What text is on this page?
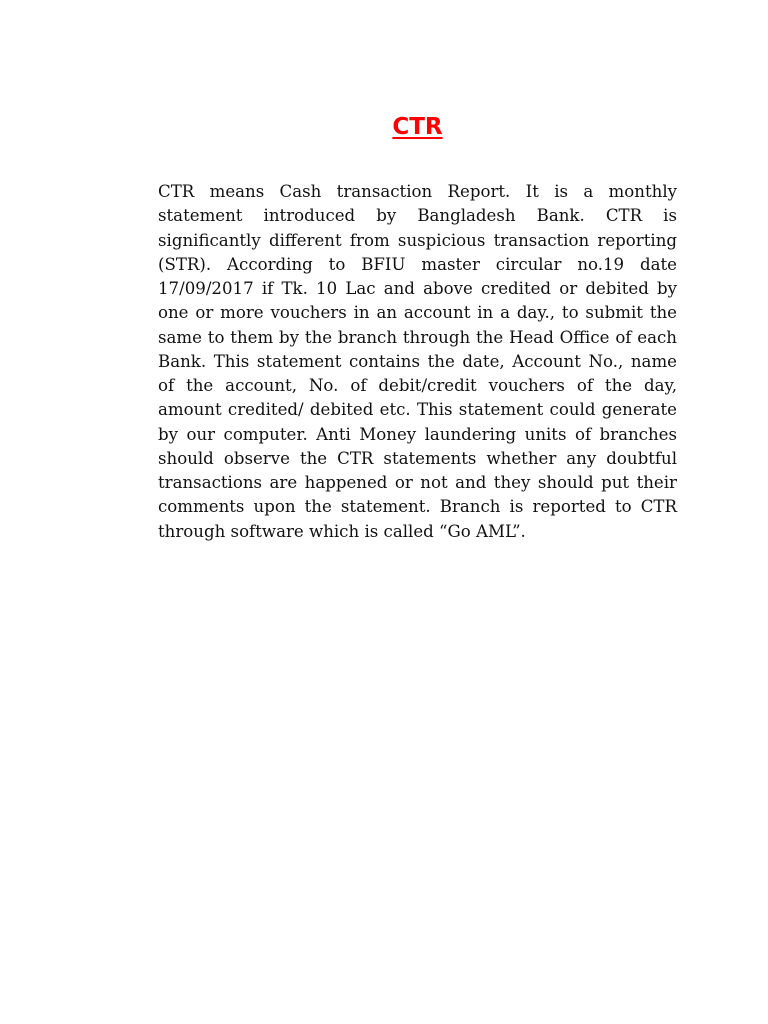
CTR

CTR means Cash transaction Report. It is a monthly statement introduced by Bangladesh Bank. CTR is significantly different from suspicious transaction reporting (STR). According to BFIU master circular no.19 date 17/09/2017 if Tk. 10 Lac and above credited or debited by one or more vouchers in an account in a day., to submit the same to them by the branch through the Head Office of each Bank. This statement contains the date, Account No., name of the account, No. of debit/credit vouchers of the day, amount credited/ debited etc. This statement could generate by our computer. Anti Money laundering units of branches should observe the CTR statements whether any doubtful transactions are happened or not and they should put their comments upon the statement. Branch is reported to CTR through software which is called “Go AML”.
